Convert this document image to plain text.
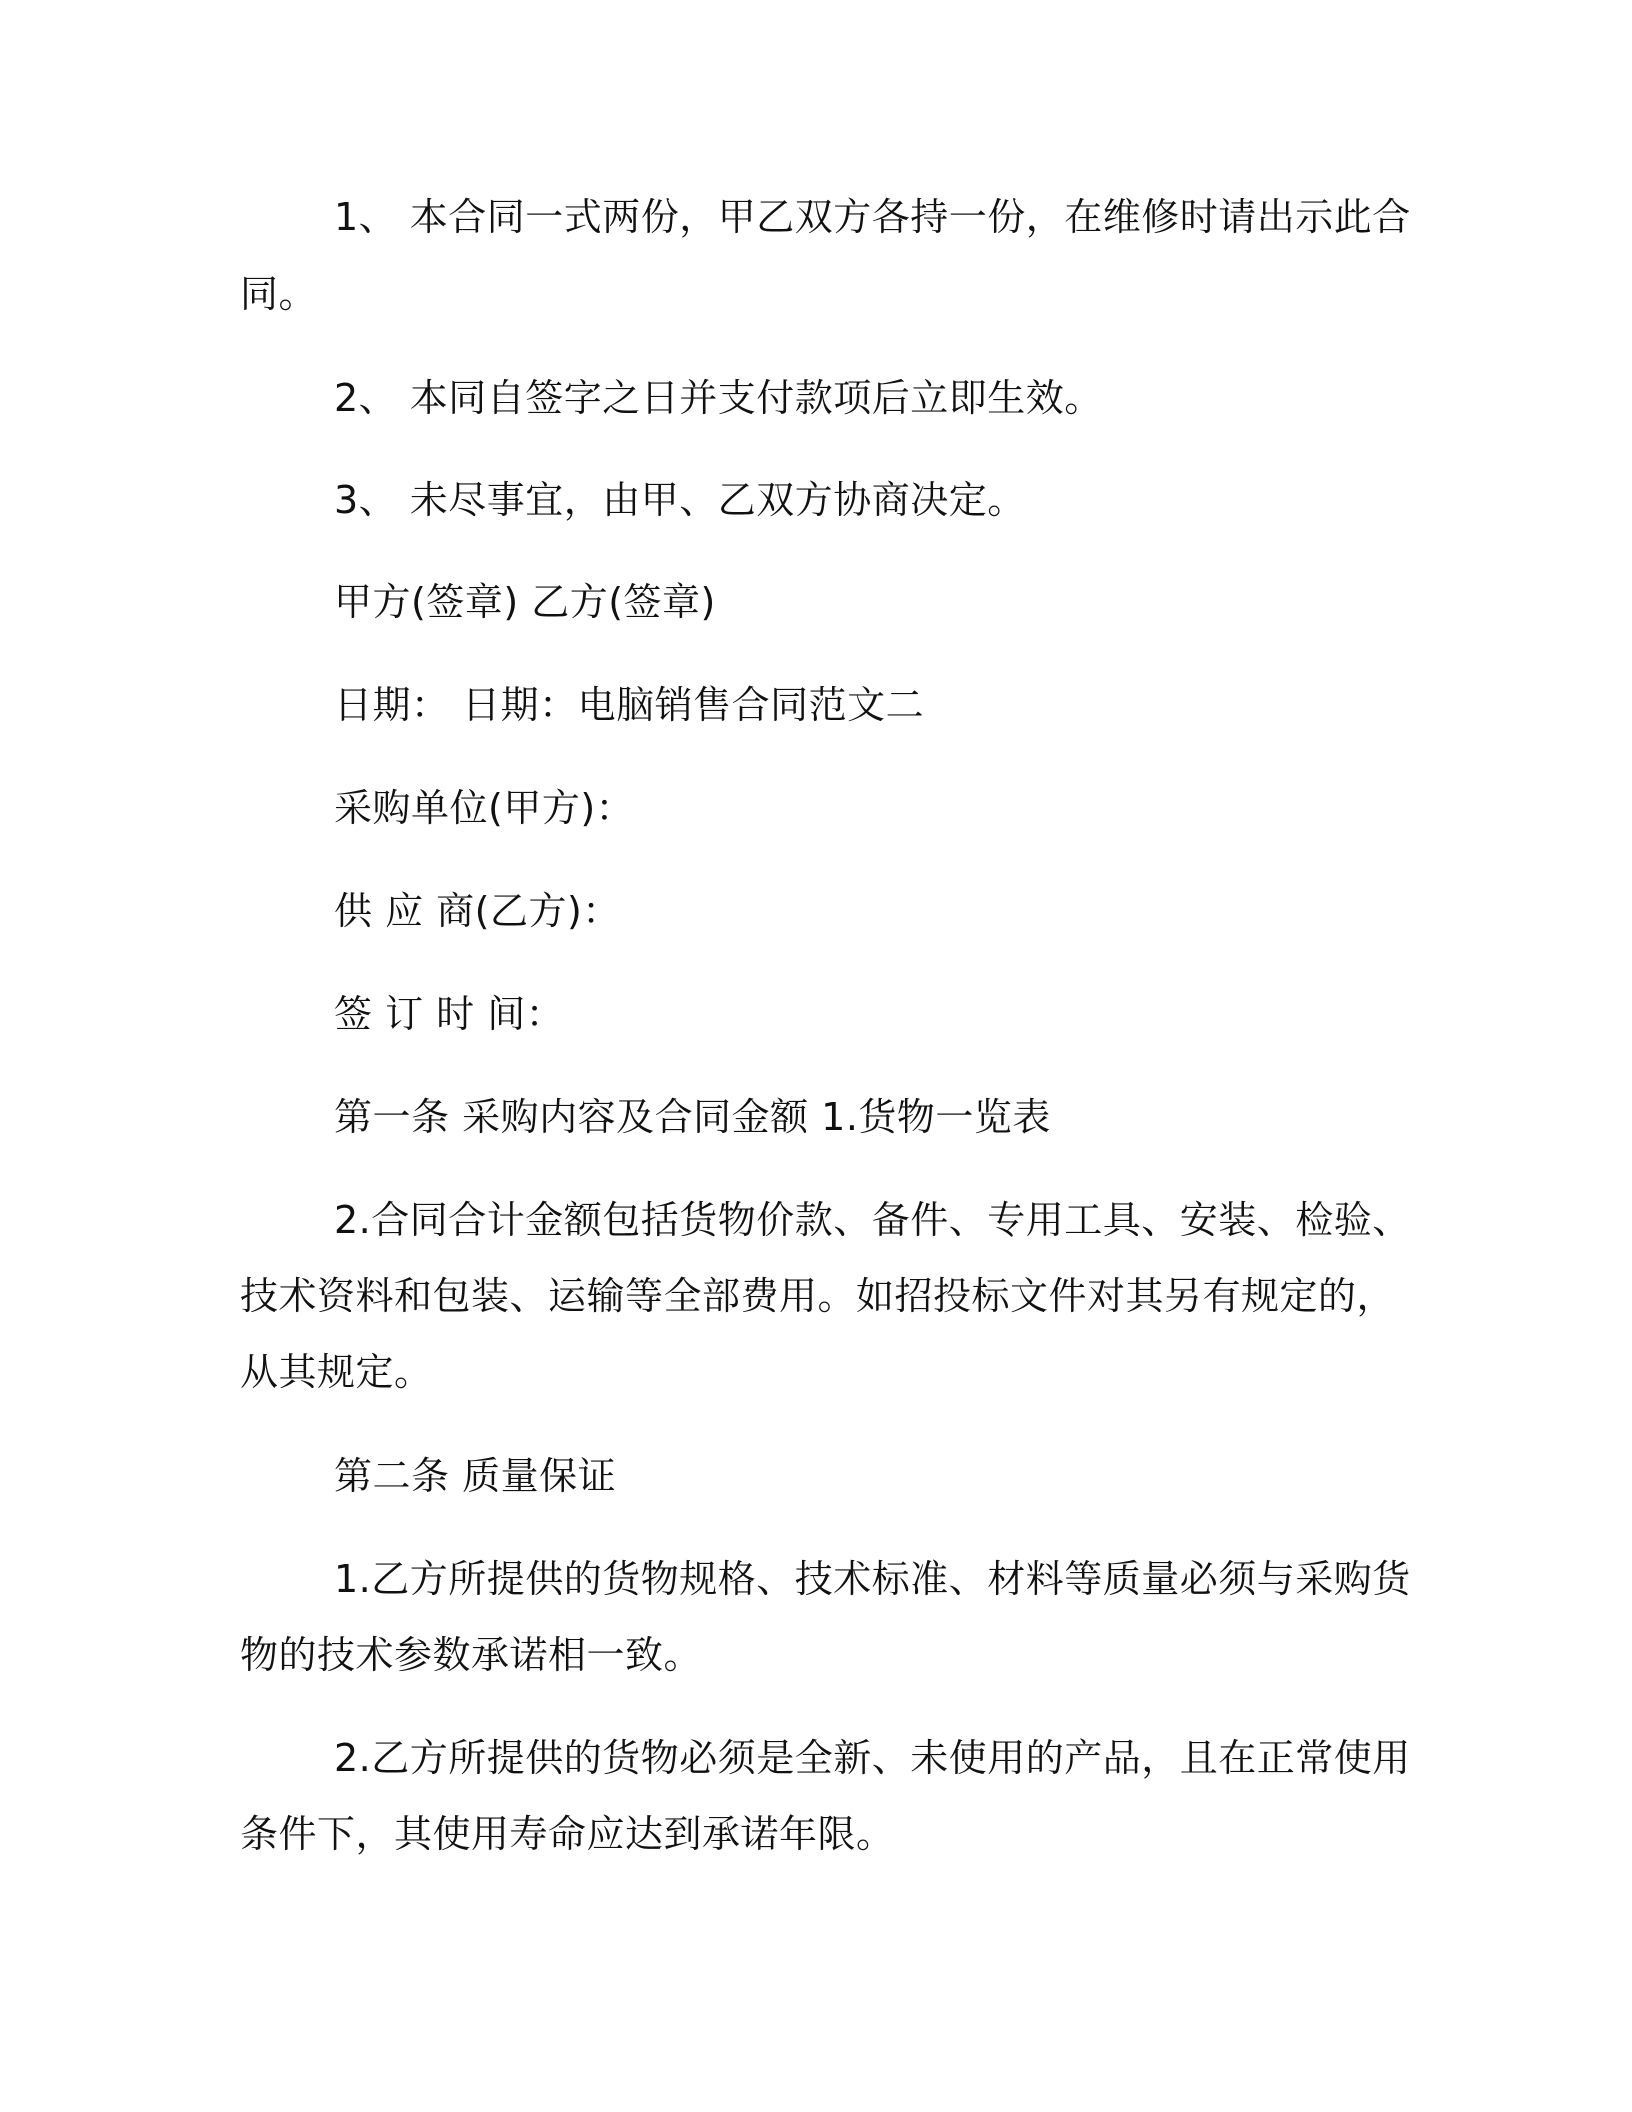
1、 本合同一式两份，甲乙双方各持一份，在维修时请出示此合
同。
2、 本同自签字之日并支付款项后立即生效。
3、 未尽事宜，由甲、乙双方协商决定。
甲方(签章) 乙方(签章)
日期： 日期：电脑销售合同范文二
采购单位(甲方)：
供 应 商(乙方)：
签 订 时 间：
第一条 采购内容及合同金额 1.货物一览表
2.合同合计金额包括货物价款、备件、专用工具、安装、检验、
技术资料和包装、运输等全部费用。如招投标文件对其另有规定的，
从其规定。
第二条 质量保证
1.乙方所提供的货物规格、技术标准、材料等质量必须与采购货
物的技术参数承诺相一致。
2.乙方所提供的货物必须是全新、未使用的产品，且在正常使用
条件下，其使用寿命应达到承诺年限。
